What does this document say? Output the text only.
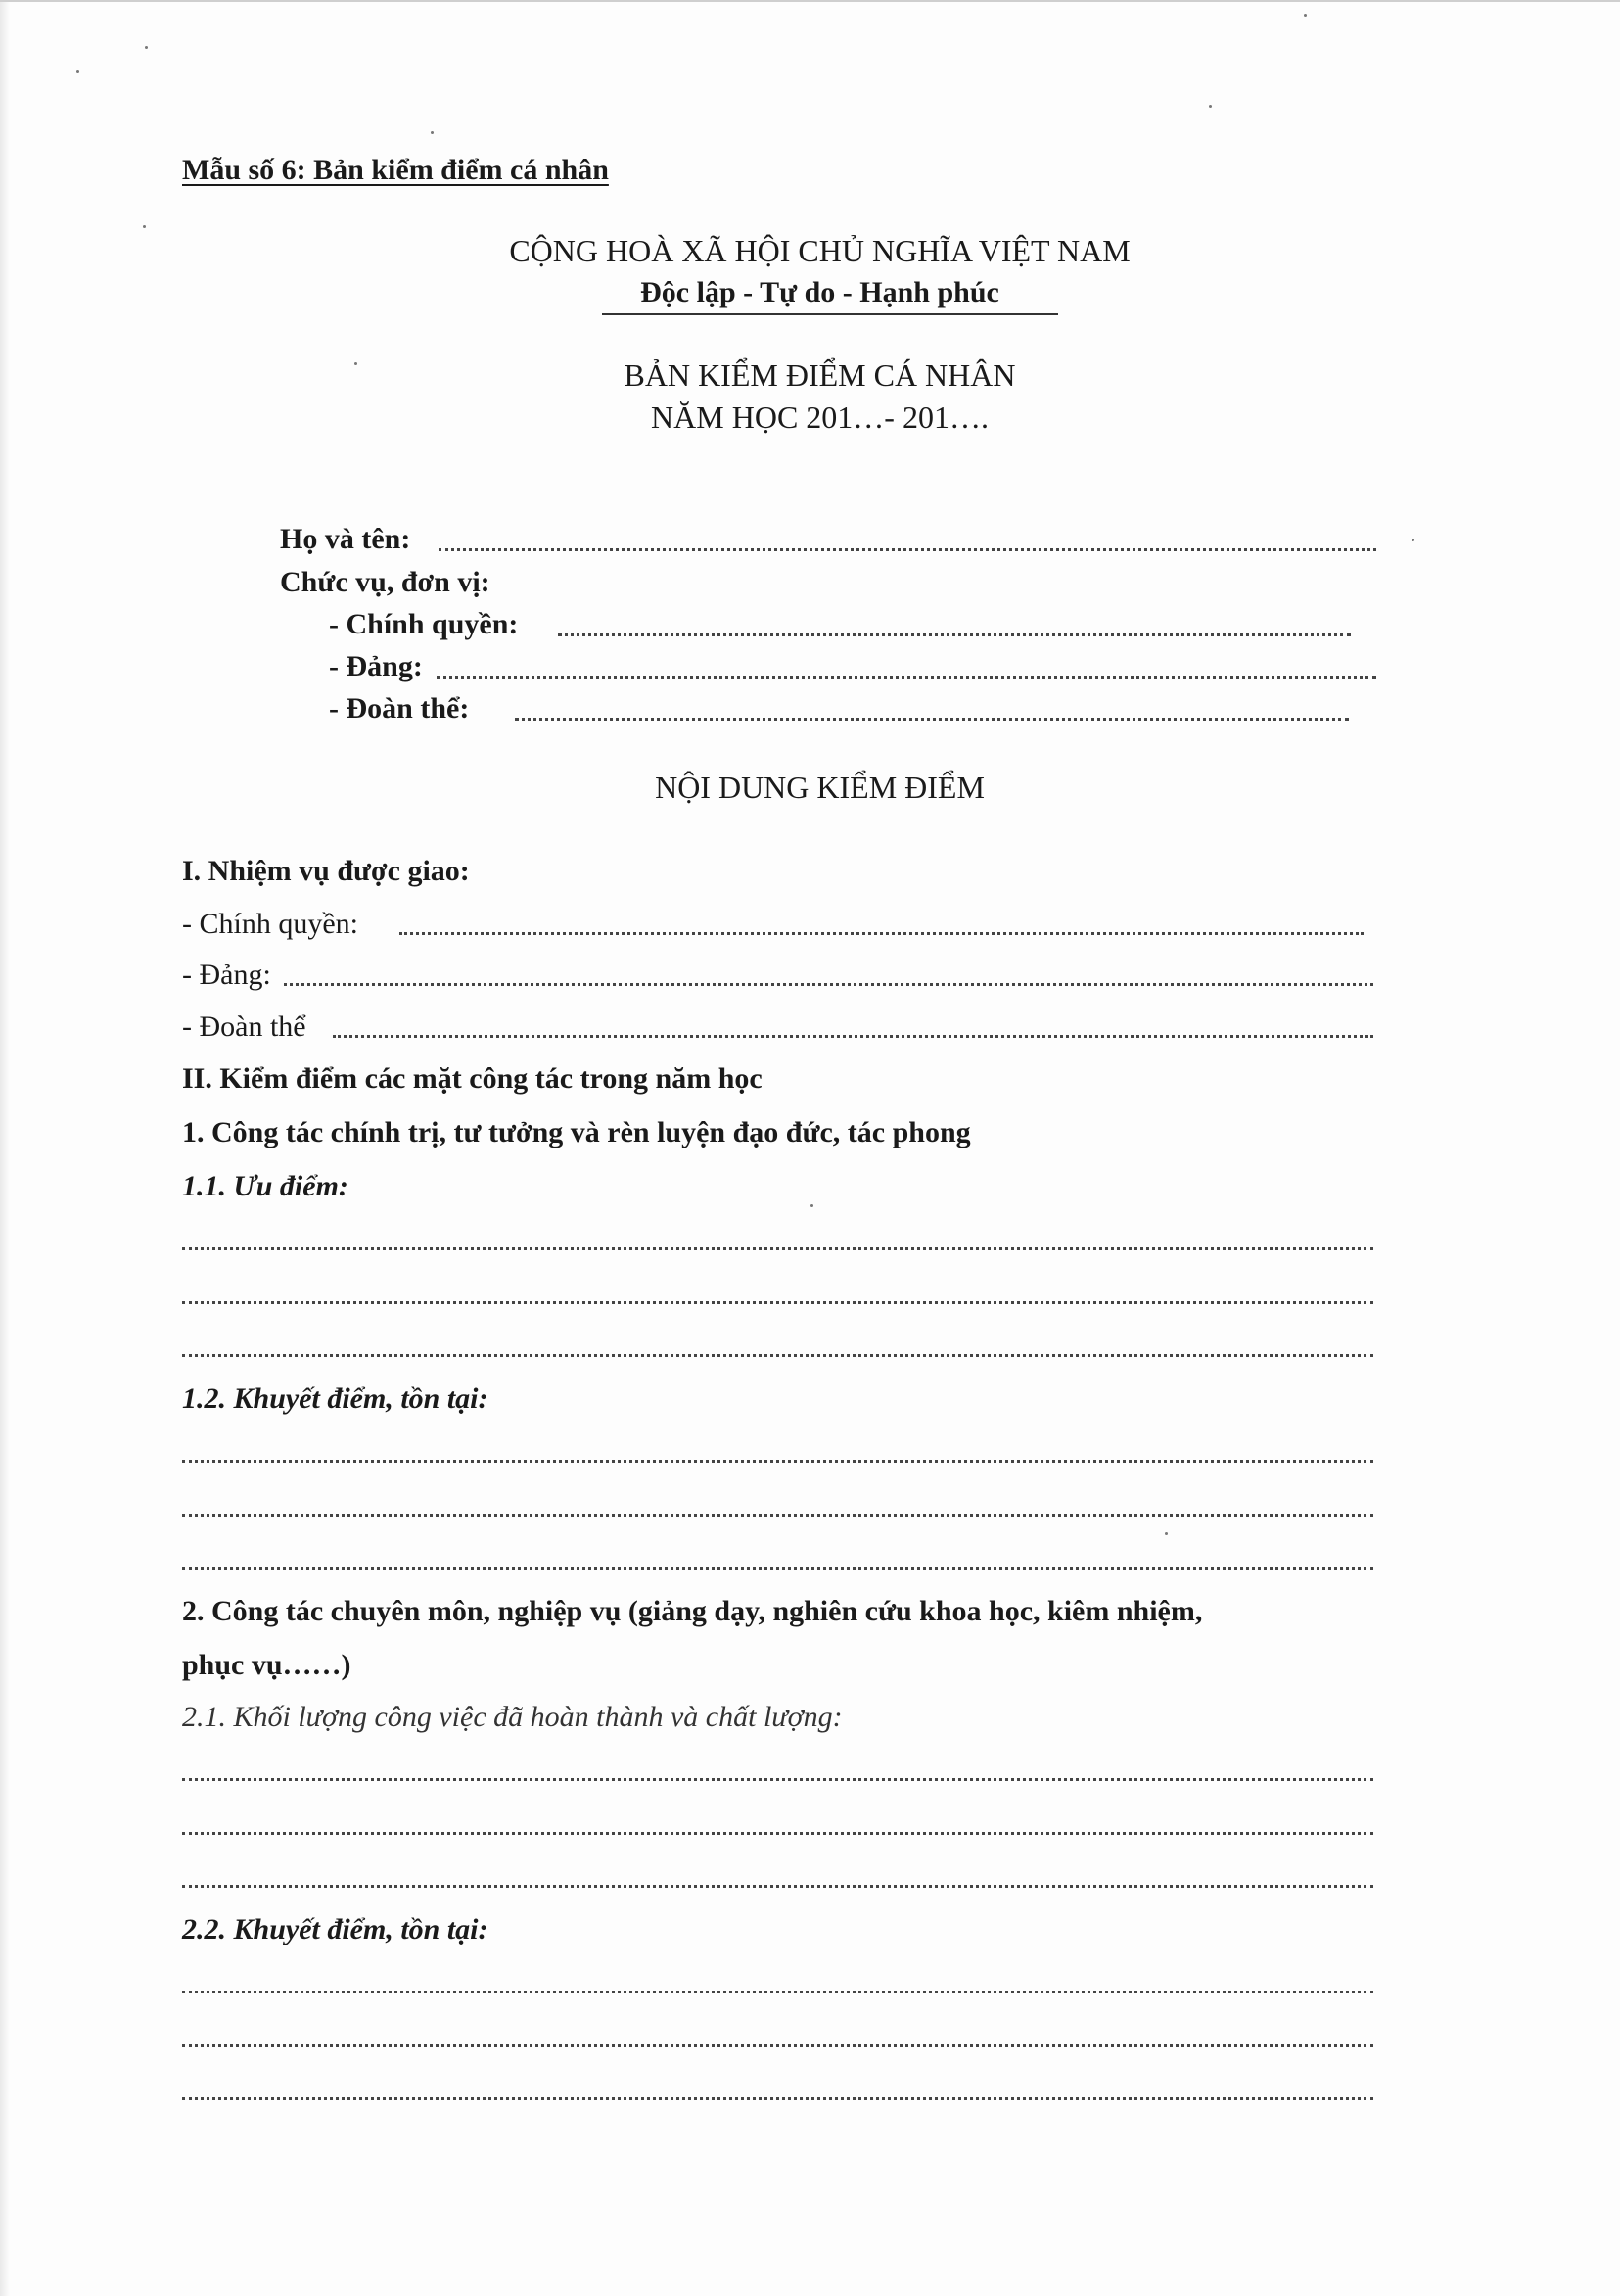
Mẫu số 6: Bản kiểm điểm cá nhân
CỘNG HOÀ XÃ HỘI CHỦ NGHĨA VIỆT NAM
Độc lập - Tự do - Hạnh phúc
BẢN KIỂM ĐIỂM CÁ NHÂN
NĂM HỌC 201…- 201….
Họ và tên:
Chức vụ, đơn vị:
- Chính quyền:
- Đảng:
- Đoàn thể:
NỘI DUNG KIỂM ĐIỂM
I. Nhiệm vụ được giao:
- Chính quyền:
- Đảng:
- Đoàn thể
II. Kiểm điểm các mặt công tác trong năm học
1. Công tác chính trị, tư tưởng và rèn luyện đạo đức, tác phong
1.1. Ưu điểm:
1.2. Khuyết điểm, tồn tại:
2. Công tác chuyên môn, nghiệp vụ (giảng dạy, nghiên cứu khoa học, kiêm nhiệm,
phục vụ……)
2.1. Khối lượng công việc đã hoàn thành và chất lượng:
2.2. Khuyết điểm, tồn tại:
